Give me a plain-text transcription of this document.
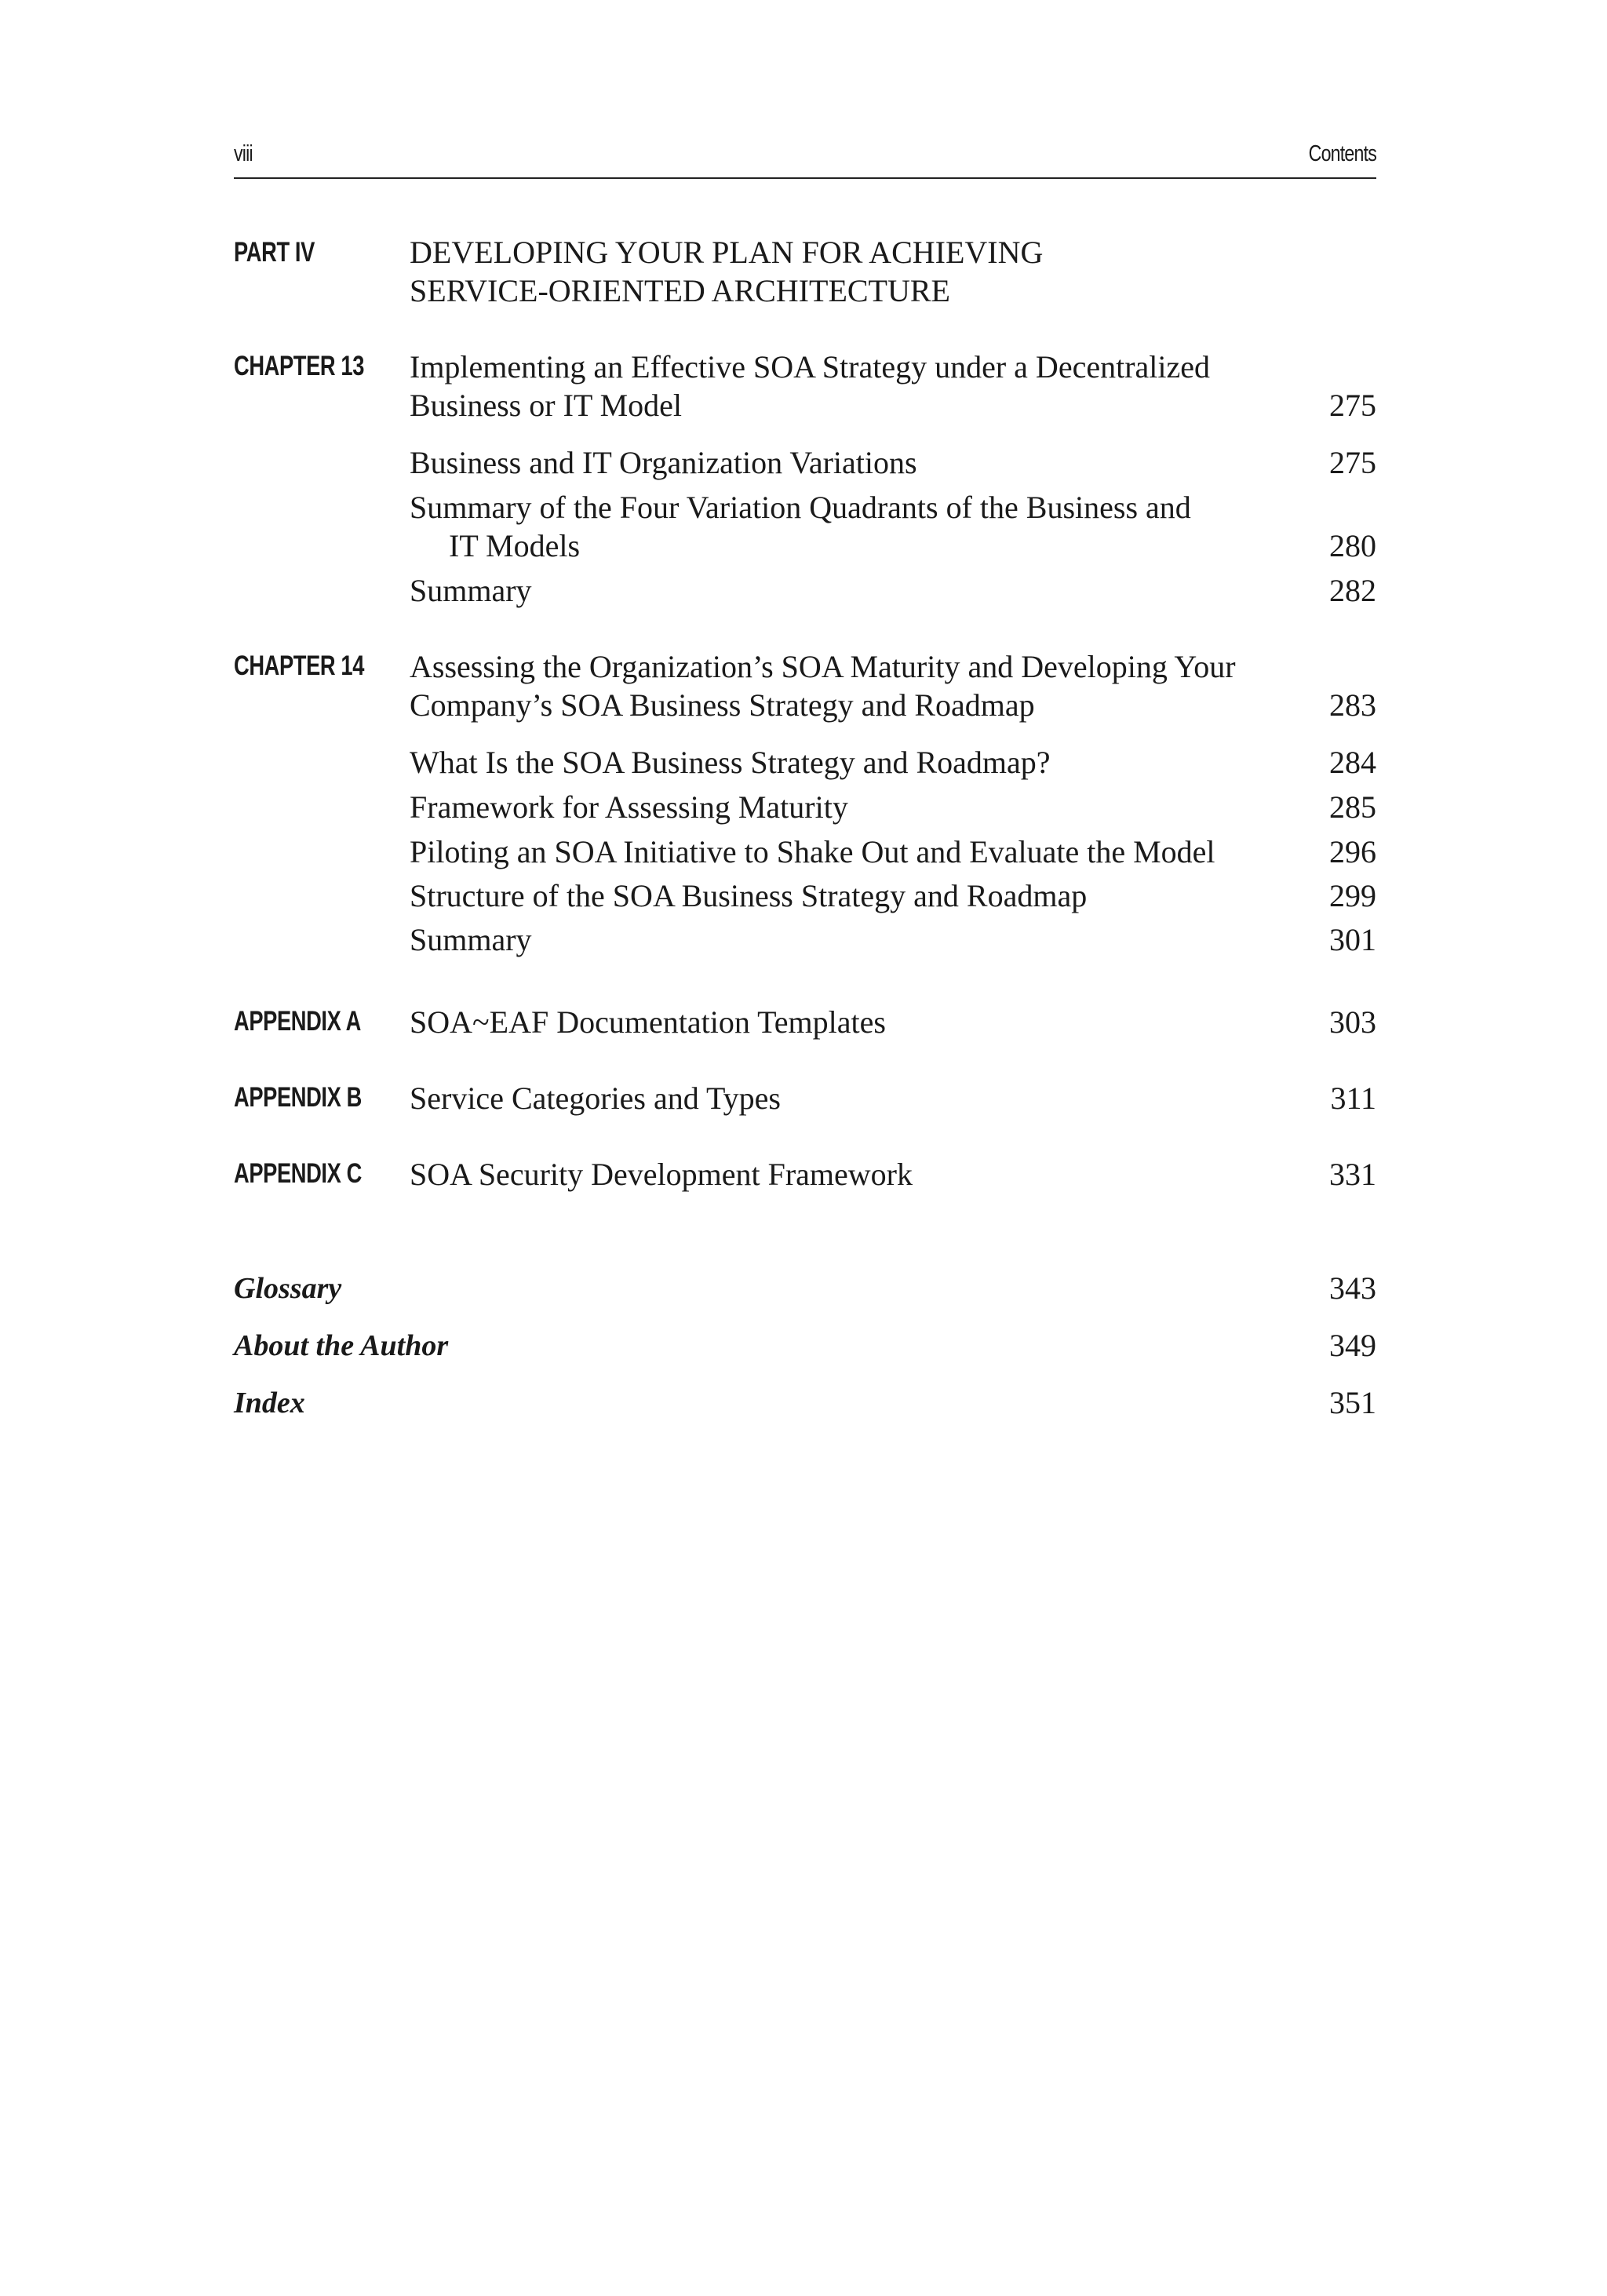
viii	Contents
PART IV	DEVELOPING YOUR PLAN FOR ACHIEVING
SERVICE-ORIENTED ARCHITECTURE
CHAPTER 13 Implementing an Effective SOA Strategy under a Decentralized
Business or IT Model	275
Business and IT Organization Variations	275
Summary of the Four Variation Quadrants of the Business and
IT Models	280
Summary	282
CHAPTER 14 Assessing the Organization’s SOA Maturity and Developing Your
Company’s SOA Business Strategy and Roadmap	283
What Is the SOA Business Strategy and Roadmap?	284
Framework for Assessing Maturity	285
Piloting an SOA Initiative to Shake Out and Evaluate the Model	296
Structure of the SOA Business Strategy and Roadmap	299
Summary	301
APPENDIX A SOA~EAF Documentation Templates	303
APPENDIX B Service Categories and Types	311
APPENDIX C SOA Security Development Framework	331
Glossary	343
About the Author	349
Index	351
